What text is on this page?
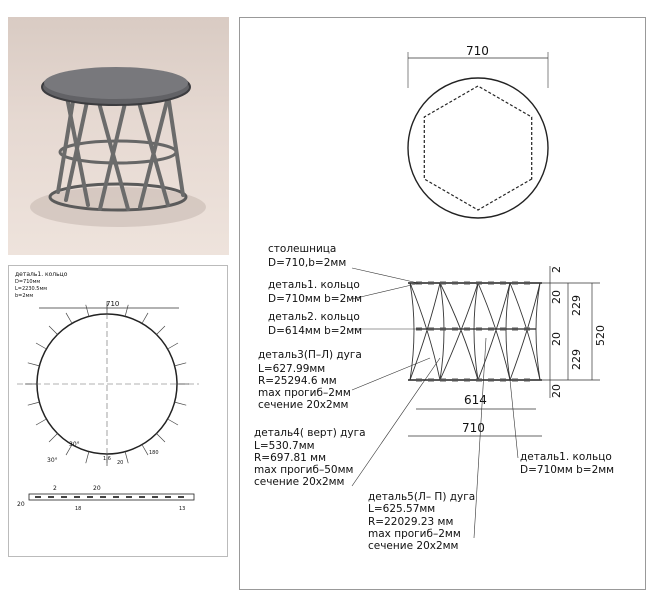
деталь1. кольцо
D=710мм
L=2230.5мм
b=2мм
710
30°
30°	1.6
20
180
2	20
20
18	13
710
2
20 229
520
20
229
20
614
710
столешница
D=710,b=2мм
деталь1. кольцо
D=710мм b=2мм
деталь2. кольцо
D=614мм b=2мм
деталь3(П–Л) дуга
L=627.99мм
R=25294.6 мм
max прогиб–2мм
сечение 20х2мм
деталь4( верт) дуга
L=530.7мм
R=697.81 мм
max прогиб–50мм
сечение 20х2мм
деталь5(Л– П) дуга
L=625.57мм
R=22029.23 мм
max прогиб–2мм
сечение 20х2мм
деталь1. кольцо
D=710мм b=2мм
